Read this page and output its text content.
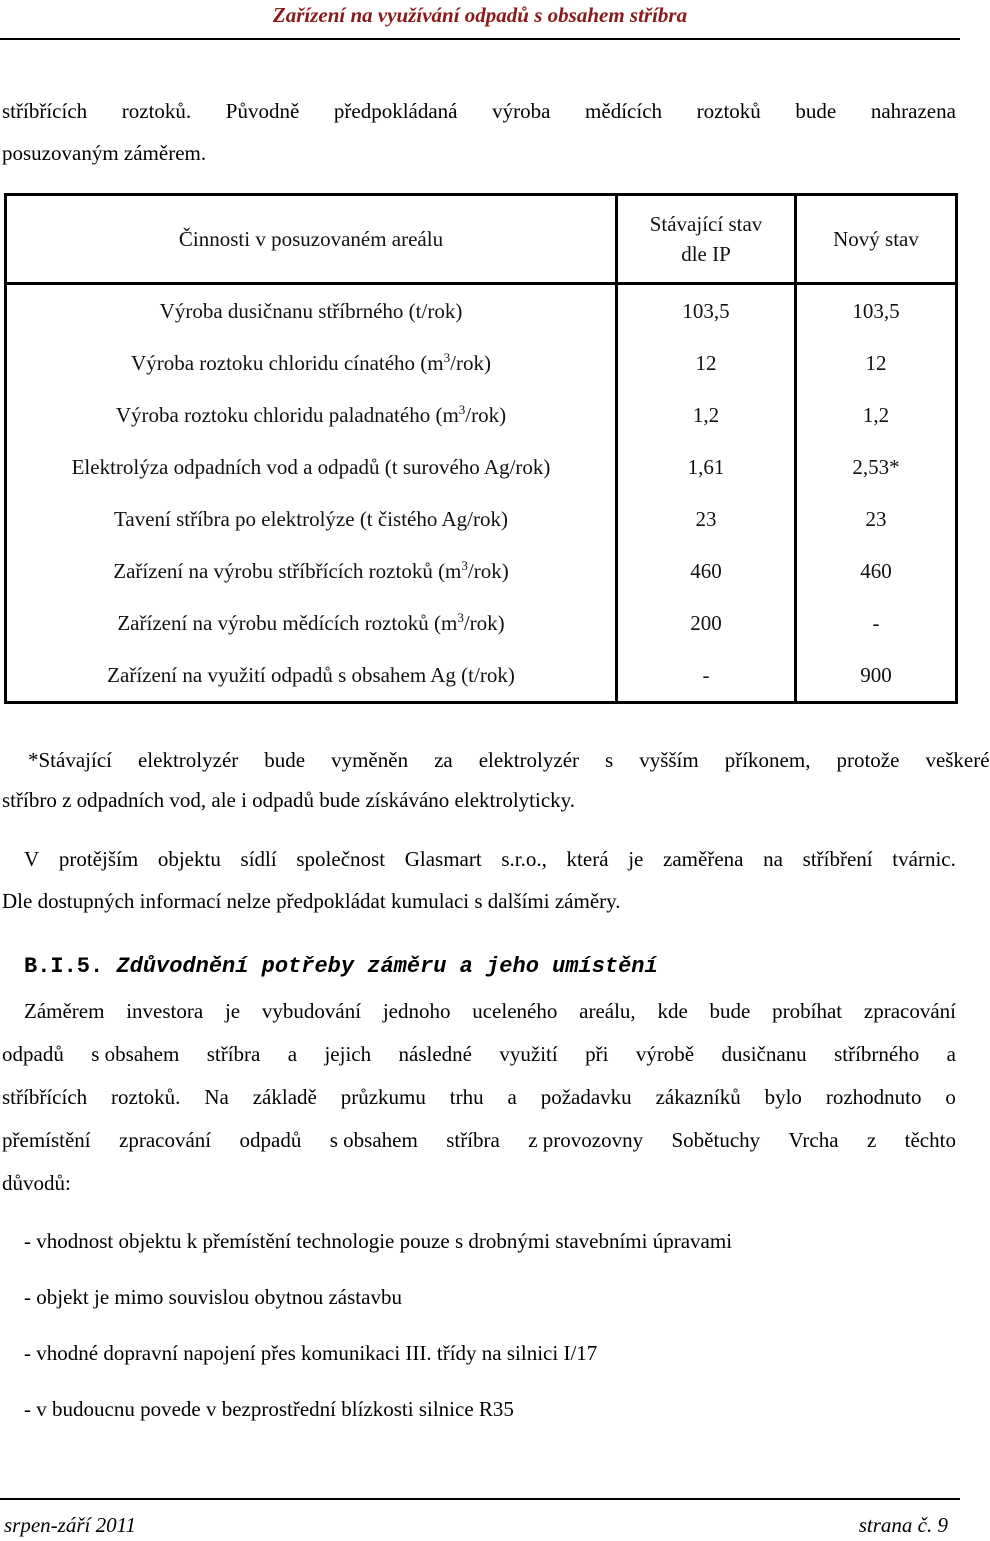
Zařízení na využívání odpadů s obsahem stříbra
stříbřících roztoků. Původně předpokládaná výroba mědících roztoků bude nahrazena
posuzovaným záměrem.
Činnosti v posuzovaném areálu	Stávající stav dle IP	Nový stav
Výroba dusičnanu stříbrného (t/rok)	103,5	103,5
Výroba roztoku chloridu cínatého $(m^3/rok)$	12	12
Výroba roztoku chloridu paladnatého $(m^3/rok)$	1,2	1,2
Elektrolýza odpadních vod a odpadů (t surového Ag/rok)	1,61	2,53*
Tavení stříbra po elektrolýze (t čistého Ag/rok)	23	23
Zařízení na výrobu stříbřících roztoků $(m^3/rok)$	460	460
Zařízení na výrobu mědících roztoků $(m^3/rok)$	200	-
Zařízení na využití odpadů s obsahem Ag (t/rok)	-	900
*Stávající	elektrolyzér	bude	vyměněn	za	elektrolyzér	s	vyšším	příkonem,	protože	veškeré
stříbro z odpadních vod, ale i odpadů bude získáváno elektrolyticky.
V protějším objektu sídlí společnost Glasmart s.r.o., která je zaměřena na stříbření tvárnic.
Dle dostupných informací nelze předpokládat kumulaci s dalšími záměry.
B.I.5. Zdůvodnění potřeby záměru a jeho umístění
Záměrem investora je vybudování jednoho uceleného areálu, kde bude probíhat zpracování
odpadů s obsahem stříbra a jejich následné využití při výrobě dusičnanu stříbrného a
stříbřících roztoků. Na základě průzkumu trhu a požadavku zákazníků bylo rozhodnuto o
přemístění zpracování odpadů s obsahem stříbra z provozovny Sobětuchy Vrcha z těchto
důvodů:
- vhodnost objektu k přemístění technologie pouze s drobnými stavebními úpravami
- objekt je mimo souvislou obytnou zástavbu
- vhodné dopravní napojení přes komunikaci III. třídy na silnici I/17
- v budoucnu povede v bezprostřední blízkosti silnice R35
srpen-září 2011	strana č. 9
